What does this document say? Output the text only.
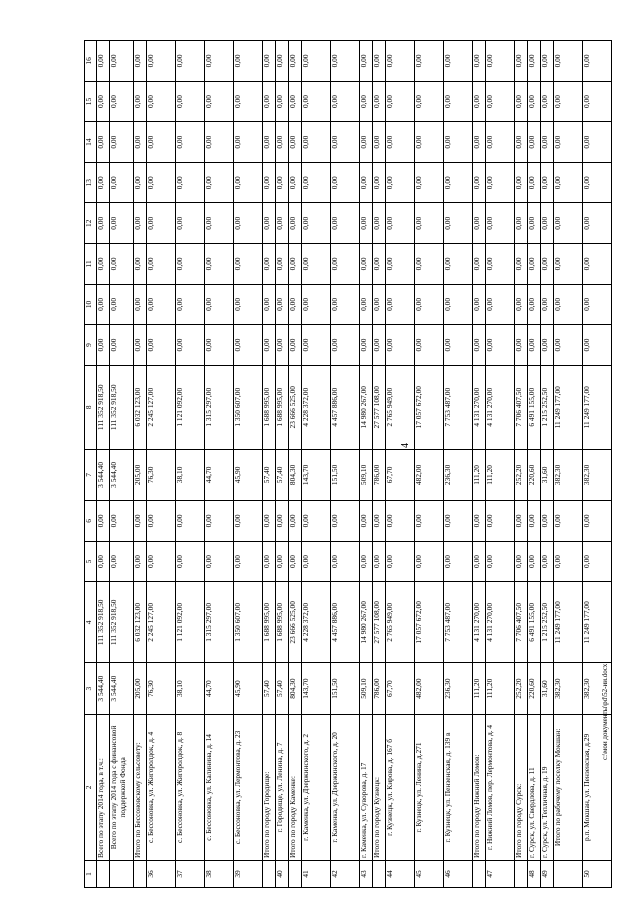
4
1	2	3	4	5	6	7	8	9	10	11	12	13	14	15	16
	Всего по этапу 2014 года, в т.ч.:	3 544,40	111 352 918,50	0,00	0,00	3 544,40	111 352 918,50	0,00	0,00	0,00	0,00	0,00	0,00	0,00	0,00
	Всего по этапу 2014 года с финансовой поддержкой Фонда	3 544,40	111 352 918,50	0,00	0,00	3 544,40	111 352 918,50	0,00	0,00	0,00	0,00	0,00	0,00	0,00	0,00
	Итого по Бессоновскому сельсовету:	205,00	6 032 123,00	0,00	0,00	205,00	6 032 123,00	0,00	0,00	0,00	0,00	0,00	0,00	0,00	0,00
36	с. Бессоновка, ул. Жигоролдок, д. 4	76,30	2 245 127,00	0,00	0,00	76,30	2 245 127,00	0,00	0,00	0,00	0,00	0,00	0,00	0,00	0,00
37	с. Бессоновка, ул. Жигоролдок, д. 8	38,10	1 121 092,00	0,00	0,00	38,10	1 121 092,00	0,00	0,00	0,00	0,00	0,00	0,00	0,00	0,00
38	с. Бессоновка, ул. Калинина, д. 14	44,70	1 315 297,00	0,00	0,00	44,70	1 315 297,00	0,00	0,00	0,00	0,00	0,00	0,00	0,00	0,00
39	с. Бессоновка, ул. Лермонтова, д. 23	45,90	1 350 607,00	0,00	0,00	45,90	1 350 607,00	0,00	0,00	0,00	0,00	0,00	0,00	0,00	0,00
	Итого по городу Городище:	57,40	1 688 995,00	0,00	0,00	57,40	1 688 995,00	0,00	0,00	0,00	0,00	0,00	0,00	0,00	0,00
40	г. Городище, ул. Ленина, д. 7	57,40	1 688 995,00	0,00	0,00	57,40	1 688 995,00	0,00	0,00	0,00	0,00	0,00	0,00	0,00	0,00
	Итого по городу Каменке:	804,30	23 666 525,00	0,00	0,00	804,30	23 666 525,00	0,00	0,00	0,00	0,00	0,00	0,00	0,00	0,00
41	г. Каменка, ул. Дзержинского, д. 2	143,70	4 228 372,00	0,00	0,00	143,70	4 228 372,00	0,00	0,00	0,00	0,00	0,00	0,00	0,00	0,00
42	г. Каменка, ул. Дзержинского, д. 20	151,50	4 457 886,00	0,00	0,00	151,50	4 457 886,00	0,00	0,00	0,00	0,00	0,00	0,00	0,00	0,00
43	г. Каменка, ул. Суворова, д. 17	509,10	14 980 267,00	0,00	0,00	509,10	14 980 267,00	0,00	0,00	0,00	0,00	0,00	0,00	0,00	0,00
	Итого по городу Кузнецк:	786,00	27 577 108,00	0,00	0,00	786,00	27 577 108,00	0,00	0,00	0,00	0,00	0,00	0,00	0,00	0,00
44	г. Кузнецк, ул. Кирова, д. 167 б	67,70	2 765 949,00	0,00	0,00	67,70	2 765 949,00	0,00	0,00	0,00	0,00	0,00	0,00	0,00	0,00
45	г. Кузнецк, ул. Ленина, д.271	482,00	17 057 672,00	0,00	0,00	482,00	17 057 672,00	0,00	0,00	0,00	0,00	0,00	0,00	0,00	0,00
46	г. Кузнецк, ул. Пензенская, д. 139 в	236,30	7 753 487,00	0,00	0,00	236,30	7 753 487,00	0,00	0,00	0,00	0,00	0,00	0,00	0,00	0,00
	Итого по городу Нижний Ломов:	111,20	4 131 270,00	0,00	0,00	111,20	4 131 270,00	0,00	0,00	0,00	0,00	0,00	0,00	0,00	0,00
47	г. Нижний Ломов, пер. Лермонтова, д. 4	111,20	4 131 270,00	0,00	0,00	111,20	4 131 270,00	0,00	0,00	0,00	0,00	0,00	0,00	0,00	0,00
	Итого по городу Сурск:	252,20	7 706 407,50	0,00	0,00	252,20	7 706 407,50	0,00	0,00	0,00	0,00	0,00	0,00	0,00	0,00
48	г. Сурск, ул. Свердлова, д. 11	220,60	6 491 155,00	0,00	0,00	220,60	6 491 155,00	0,00	0,00	0,00	0,00	0,00	0,00	0,00	0,00
49	г. Сурск, ул. Тепличная, д. 19	31,60	1 215 252,50	0,00	0,00	31,60	1 215 252,50	0,00	0,00	0,00	0,00	0,00	0,00	0,00	0,00
	Итого по рабочему поселку Мокшан:	382,30	11 249 177,00	0,00	0,00	382,30	11 249 177,00	0,00	0,00	0,00	0,00	0,00	0,00	0,00	0,00
50	р.п. Мокшан, ул. Пензенская, д.29	382,30	11 249 177,00	0,00	0,00	382,30	11 249 177,00	0,00	0,00	0,00	0,00	0,00	0,00	0,00	0,00
c:\мои документы\pd\52-ии.docx
